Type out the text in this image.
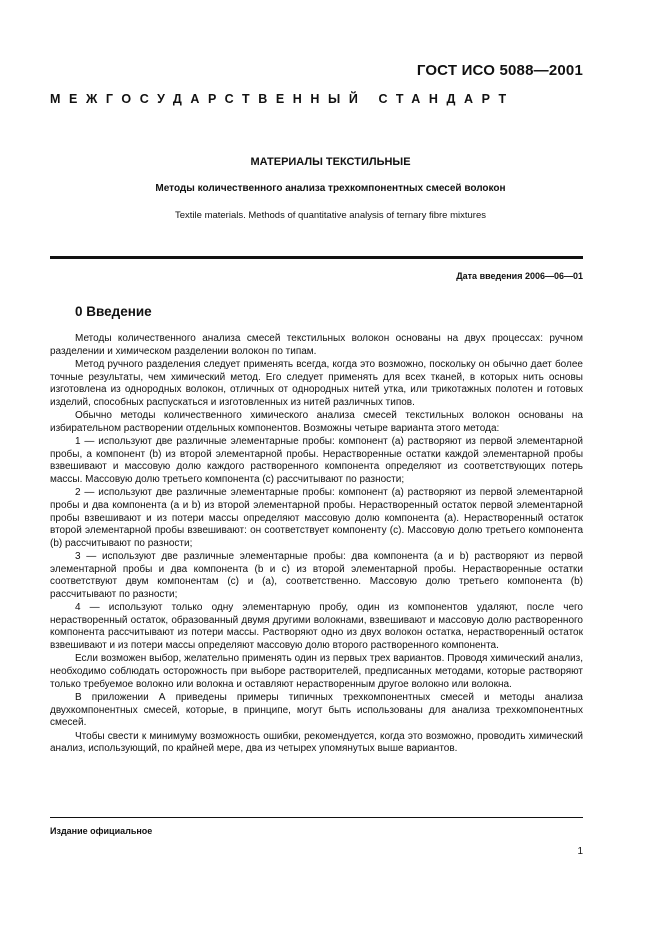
ГОСТ ИСО 5088—2001
МЕЖГОСУДАРСТВЕННЫЙ СТАНДАРТ
МАТЕРИАЛЫ ТЕКСТИЛЬНЫЕ
Методы количественного анализа трехкомпонентных смесей волокон
Textile materials. Methods of quantitative analysis of ternary fibre mixtures
Дата введения 2006—06—01
0 Введение

Методы количественного анализа смесей текстильных волокон основаны на двух процессах: ручном разделении и химическом разделении волокон по типам.

Метод ручного разделения следует применять всегда, когда это возможно, поскольку он обычно дает более точные результаты, чем химический метод. Его следует применять для всех тканей, в которых нить основы изготовлена из однородных волокон, отличных от однородных нитей утка, или трикотажных полотен и готовых изделий, способных распускаться и изготовленных из нитей различных типов.

Обычно методы количественного химического анализа смесей текстильных волокон основаны на избирательном растворении отдельных компонентов. Возможны четыре варианта этого метода:

1 — используют две различные элементарные пробы: компонент (a) растворяют из первой элементарной пробы, а компонент (b) из второй элементарной пробы. Нерастворенные остатки каждой элементарной пробы взвешивают и массовую долю каждого растворенного компонента определяют из соответствующих потерь массы. Массовую долю третьего компонента (c) рассчитывают по разности;

2 — используют две различные элементарные пробы: компонент (a) растворяют из первой элементарной пробы и два компонента (a и b) из второй элементарной пробы. Нерастворенный остаток первой элементарной пробы взвешивают и из потери массы определяют массовую долю компонента (a). Нерастворенный остаток второй элементарной пробы взвешивают: он соответствует компоненту (c). Массовую долю третьего компонента (b) рассчитывают по разности;

3 — используют две различные элементарные пробы: два компонента (a и b) растворяют из первой элементарной пробы и два компонента (b и c) из второй элементарной пробы. Нерастворенные остатки соответствуют двум компонентам (c) и (a), соответственно. Массовую долю третьего компонента (b) рассчитывают по разности;

4 — используют только одну элементарную пробу, один из компонентов удаляют, после чего нерастворенный остаток, образованный двумя другими волокнами, взвешивают и массовую долю растворенного компонента рассчитывают из потери массы. Растворяют одно из двух волокон остатка, нерастворенный остаток взвешивают и из потери массы определяют массовую долю второго растворенного компонента.

Если возможен выбор, желательно применять один из первых трех вариантов. Проводя химический анализ, необходимо соблюдать осторожность при выборе растворителей, предписанных методами, которые растворяют только требуемое волокно или волокна и оставляют нерастворенным другое волокно или волокна.

В приложении А приведены примеры типичных трехкомпонентных смесей и методы анализа двухкомпонентных смесей, которые, в принципе, могут быть использованы для анализа трехкомпонентных смесей.

Чтобы свести к минимуму возможность ошибки, рекомендуется, когда это возможно, проводить химический анализ, использующий, по крайней мере, два из четырех упомянутых выше вариантов.

Издание официальное
1
